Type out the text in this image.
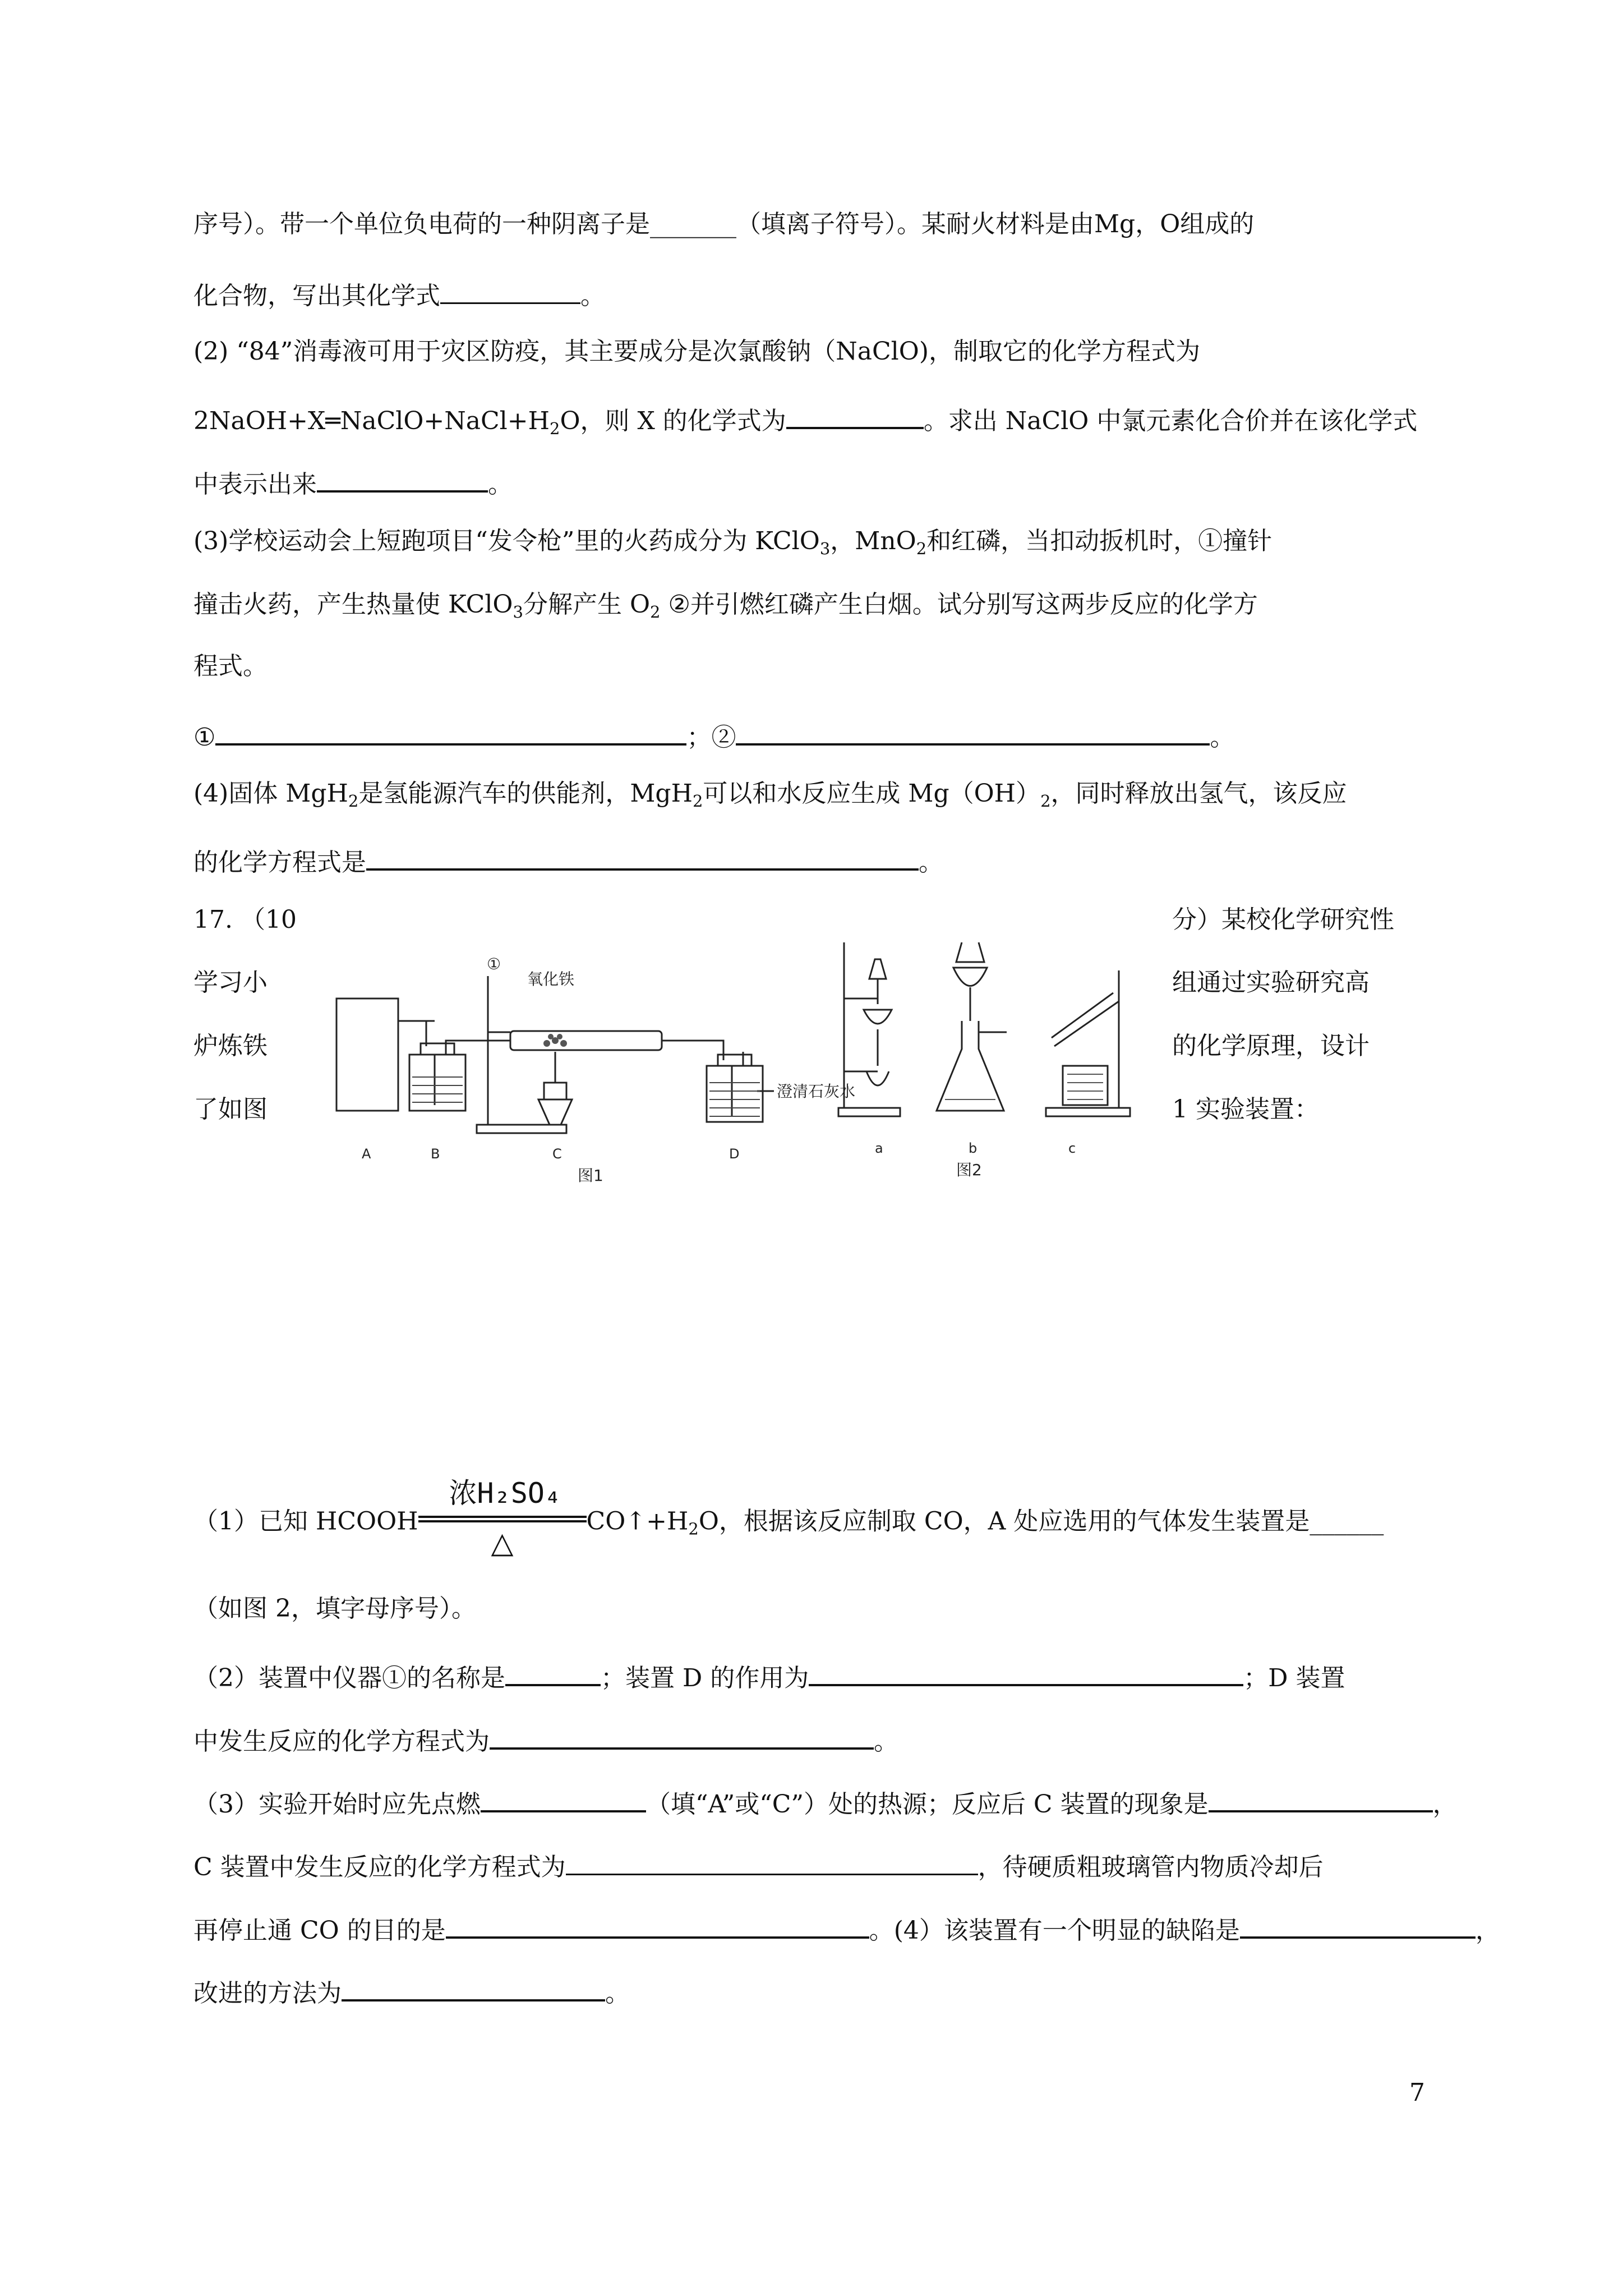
序号）。带一个单位负电荷的一种阴离子是_______（填离子符号）。某耐火材料是由Mg，O组成的
化合物，写出其化学式	。
(2) “84”消毒液可用于灾区防疫，其主要成分是次氯酸钠（NaClO)，制取它的化学方程式为
$2NaOH+X═NaClO+NaCl+H_2O$，则 X 的化学式为	。求出 NaClO 中氯元素化合价并在该化学式
中表示出来	。
(3)学校运动会上短跑项目“发令枪”里的火药成分为 KClO$_3$，MnO$_2$和红磷，当扣动扳机时，①撞针
撞击火药，产生热量使 KClO$_3$分解产生 $O_2$ ②并引燃红磷产生白烟。试分别写这两步反应的化学方
程式。
①	；②	。
(4)固体 MgH$_2$是氢能源汽车的供能剂，MgH$_2$可以和水反应生成 $Mg(OH)_2$，同时释放出氢气，该反应
的化学方程式是	。
17. （10
学习小
炉炼铁
了如图
分）某校化学研究性
组通过实验研究高
的化学原理，设计
1 实验装置：
①
氧化铁
澄清石灰水
A	B	C	D
图1
a	b	c
图2
（1）已知 HCOOH
浓H₂SO₄
△
$CO↑+H_2O$，根据该反应制取 CO，A 处应选用的气体发生装置是______
（如图 2，填字母序号）。
（2）装置中仪器①的名称是	；装置 D 的作用为	；D 装置
中发生反应的化学方程式为	。
（3）实验开始时应先点燃	（填“A”或“C”）处的热源；反应后 C 装置的现象是	，
C 装置中发生反应的化学方程式为	，待硬质粗玻璃管内物质冷却后
再停止通 CO 的目的是	。(4）该装置有一个明显的缺陷是	，
改进的方法为	。
7
